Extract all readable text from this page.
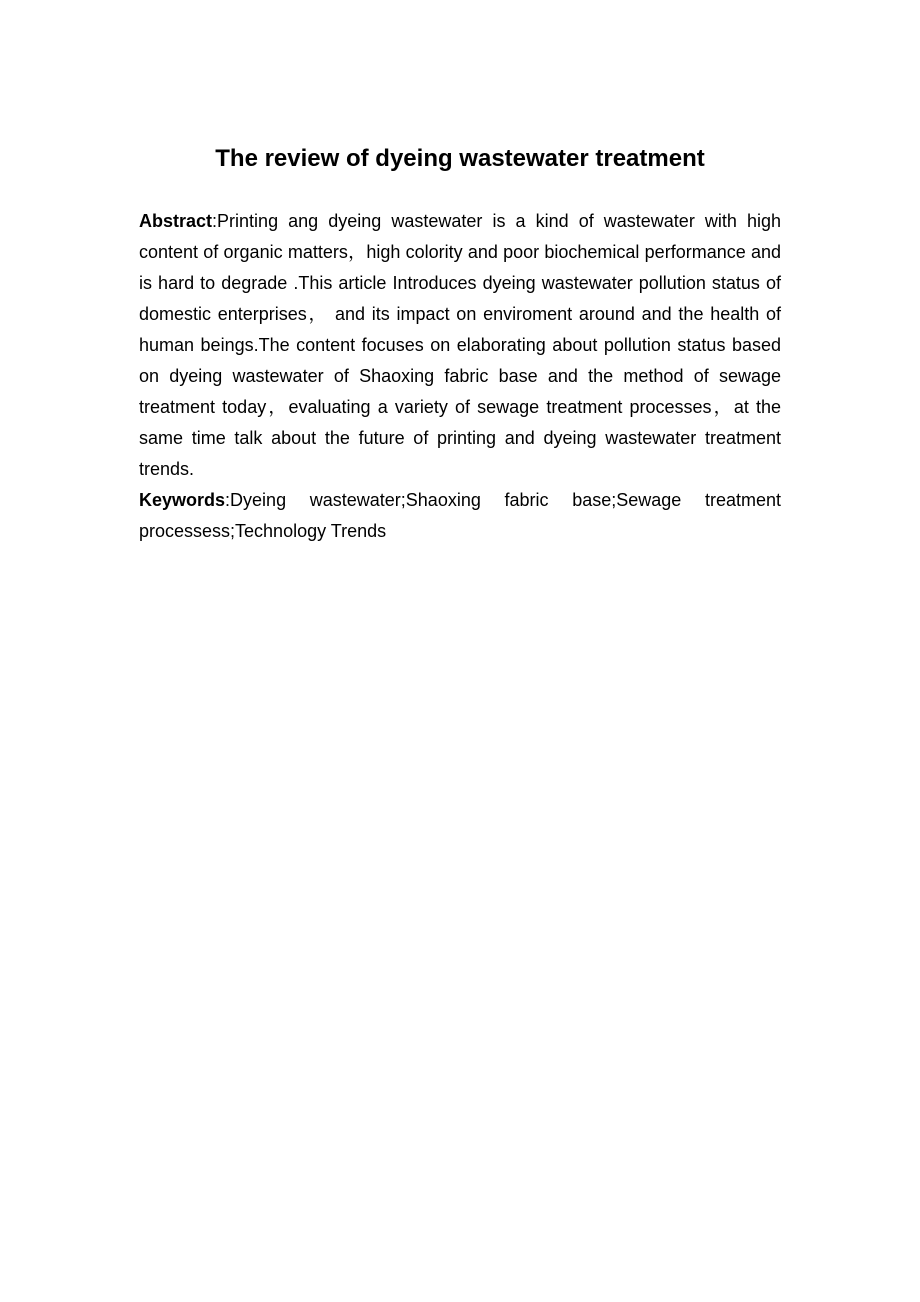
The review of dyeing wastewater treatment

Abstract:Printing ang dyeing wastewater is a kind of wastewater with high content of organic matters，high colority and poor biochemical performance and is hard to degrade .This article Introduces dyeing wastewater pollution status of domestic enterprises， and its impact on enviroment around and the health of human beings.The content focuses on elaborating about pollution status based on dyeing wastewater of Shaoxing fabric base and the method of sewage treatment today，evaluating a variety of sewage treatment processes，at the same time talk about the future of printing and dyeing wastewater treatment trends.

Keywords:Dyeing wastewater;Shaoxing fabric base;Sewage treatment processess;Technology Trends
